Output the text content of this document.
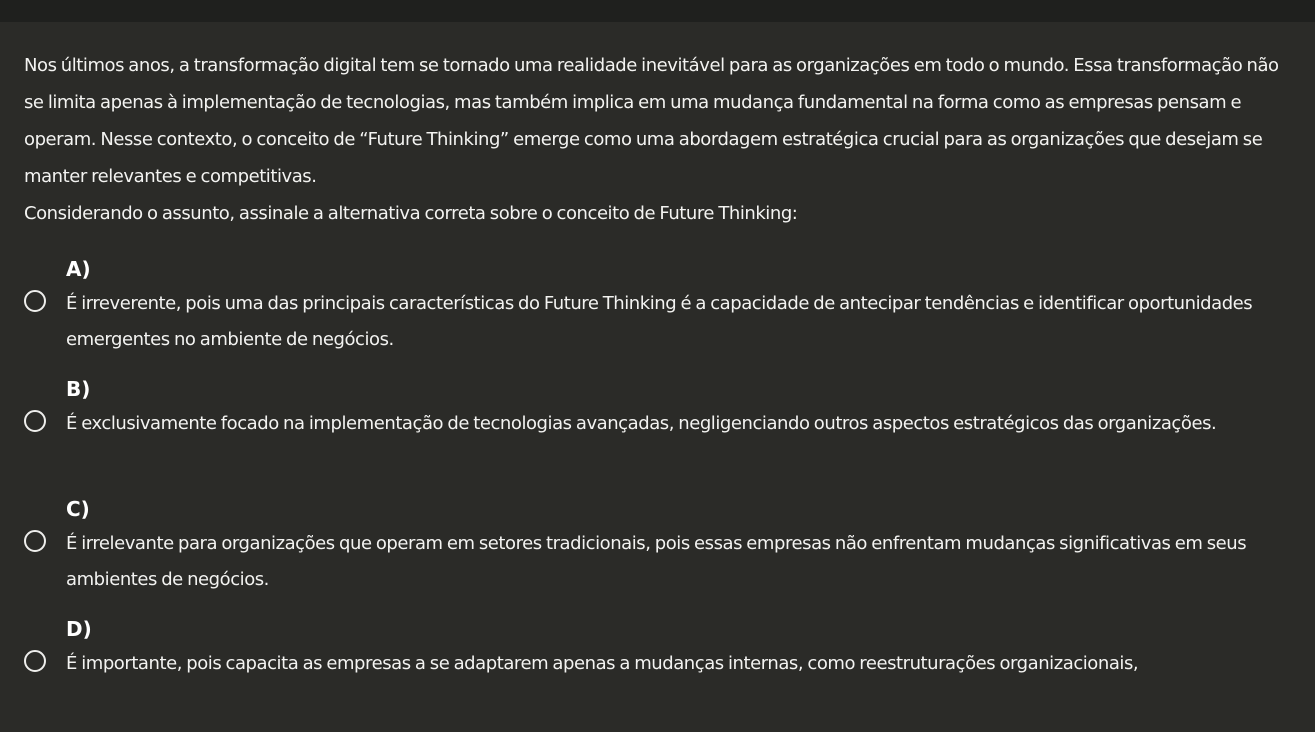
Nos últimos anos, a transformação digital tem se tornado uma realidade inevitável para as organizações em todo o mundo. Essa transformação não se limita apenas à implementação de tecnologias, mas também implica em uma mudança fundamental na forma como as empresas pensam e operam. Nesse contexto, o conceito de “Future Thinking” emerge como uma abordagem estratégica crucial para as organizações que desejam se manter relevantes e competitivas.

Considerando o assunto, assinale a alternativa correta sobre o conceito de Future Thinking:

A)

É irreverente, pois uma das principais características do Future Thinking é a capacidade de antecipar tendências e identificar oportunidades emergentes no ambiente de negócios.

B)

É exclusivamente focado na implementação de tecnologias avançadas, negligenciando outros aspectos estratégicos das organizações.

C)

É irrelevante para organizações que operam em setores tradicionais, pois essas empresas não enfrentam mudanças significativas em seus ambientes de negócios.

D)

É importante, pois capacita as empresas a se adaptarem apenas a mudanças internas, como reestruturações organizacionais,
